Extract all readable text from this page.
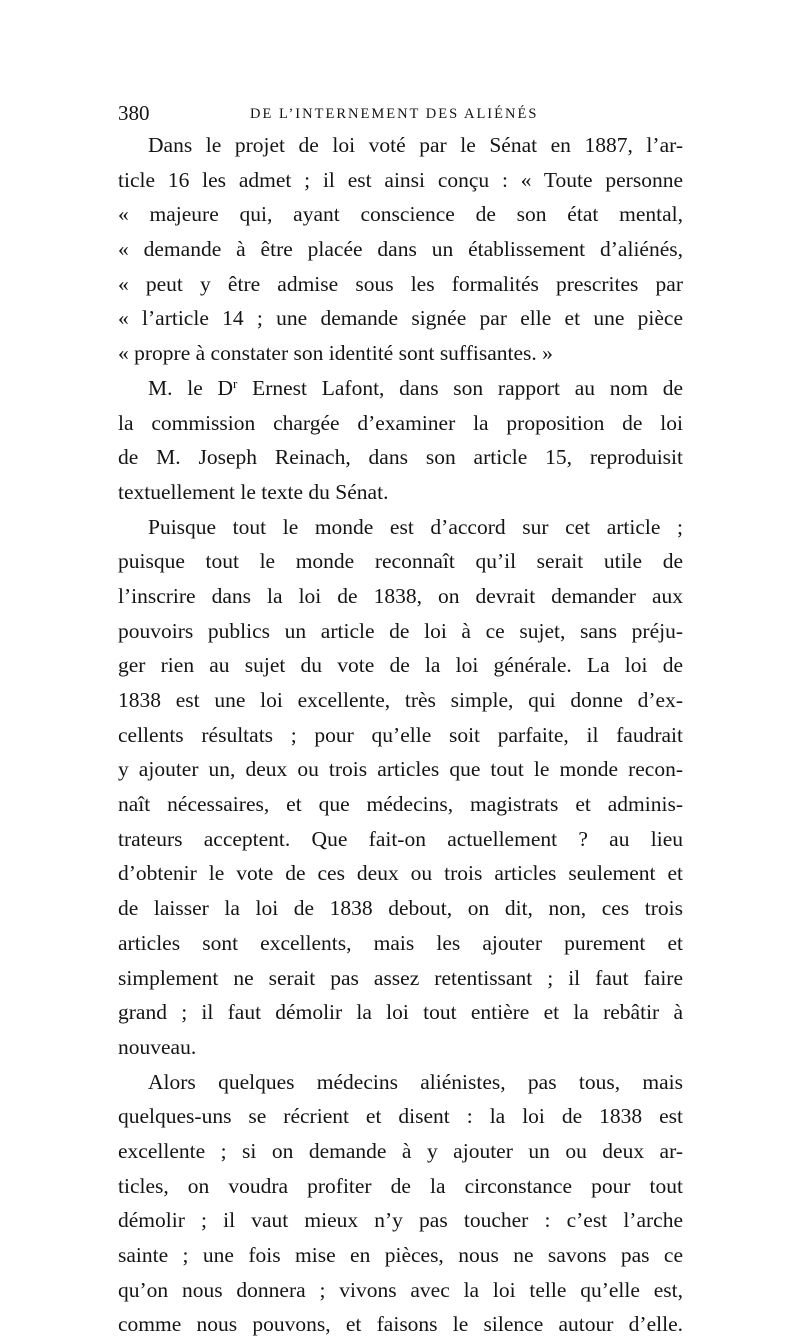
380	DE L’INTERNEMENT DES ALIÉNÉS
Dans le projet de loi voté par le Sénat en 1887, l’ar-
ticle 16 les admet ; il est ainsi conçu : « Toute personne
« majeure qui, ayant conscience de son état mental,
« demande à être placée dans un établissement d’aliénés,
« peut y être admise sous les formalités prescrites par
« l’article 14 ; une demande signée par elle et une pièce
« propre à constater son identité sont suffisantes. »
M. le $D^r$ Ernest Lafont, dans son rapport au nom de
la commission chargée d’examiner la proposition de loi
de M. Joseph Reinach, dans son article 15, reproduisit
textuellement le texte du Sénat.
Puisque tout le monde est d’accord sur cet article ;
puisque tout le monde reconnaît qu’il serait utile de
l’inscrire dans la loi de 1838, on devrait demander aux
pouvoirs publics un article de loi à ce sujet, sans préju-
ger rien au sujet du vote de la loi générale. La loi de
1838 est une loi excellente, très simple, qui donne d’ex-
cellents résultats ; pour qu’elle soit parfaite, il faudrait
y ajouter un, deux ou trois articles que tout le monde recon-
naît nécessaires, et que médecins, magistrats et adminis-
trateurs acceptent. Que fait-on actuellement ? au lieu
d’obtenir le vote de ces deux ou trois articles seulement et
de laisser la loi de 1838 debout, on dit, non, ces trois
articles sont excellents, mais les ajouter purement et
simplement ne serait pas assez retentissant ; il faut faire
grand ; il faut démolir la loi tout entière et la rebâtir à
nouveau.
Alors quelques médecins aliénistes, pas tous, mais
quelques-uns se récrient et disent : la loi de 1838 est
excellente ; si on demande à y ajouter un ou deux ar-
ticles, on voudra profiter de la circonstance pour tout
démolir ; il vaut mieux n’y pas toucher : c’est l’arche
sainte ; une fois mise en pièces, nous ne savons pas ce
qu’on nous donnera ; vivons avec la loi telle qu’elle est,
comme nous pouvons, et faisons le silence autour d’elle.
